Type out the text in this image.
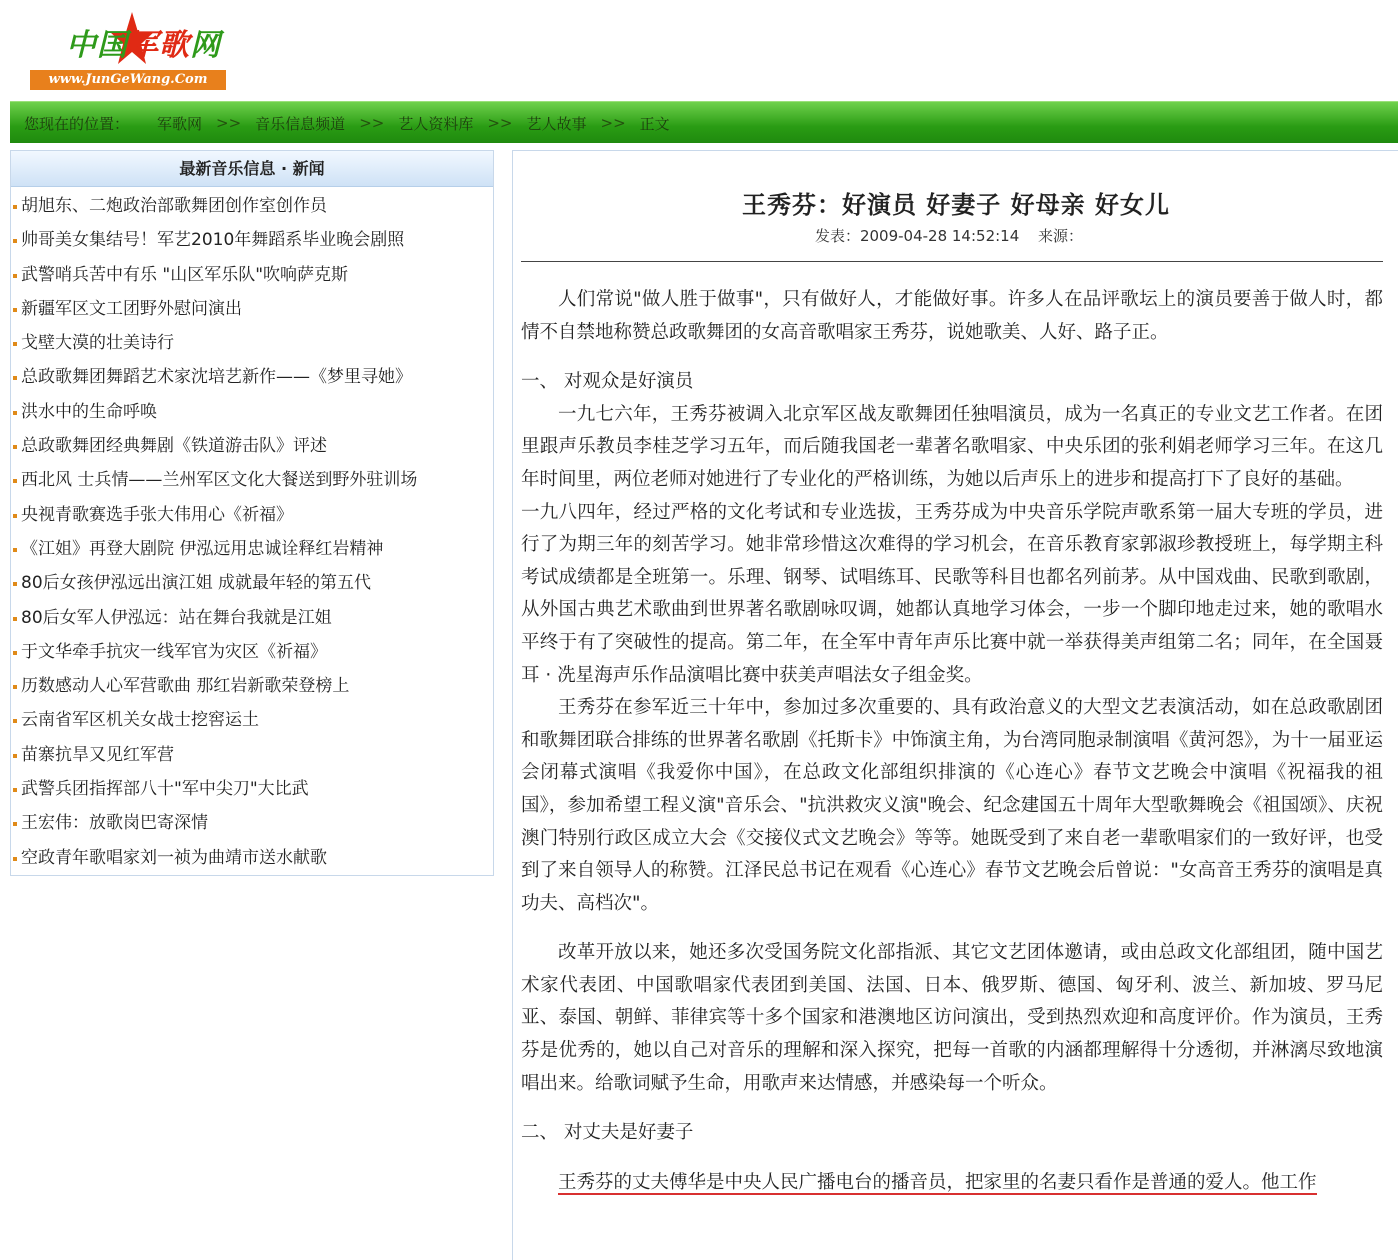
中国军歌网
www.JunGeWang.Com
您现在的位置： 军歌网 >> 音乐信息频道 >> 艺人资料库 >> 艺人故事 >> 正文
最新音乐信息 · 新闻
胡旭东、二炮政治部歌舞团创作室创作员
帅哥美女集结号！军艺2010年舞蹈系毕业晚会剧照
武警哨兵苦中有乐 "山区军乐队"吹响萨克斯
新疆军区文工团野外慰问演出
戈壁大漠的壮美诗行
总政歌舞团舞蹈艺术家沈培艺新作——《梦里寻她》
洪水中的生命呼唤
总政歌舞团经典舞剧《铁道游击队》评述
西北风 士兵情——兰州军区文化大餐送到野外驻训场
央视青歌赛选手张大伟用心《祈福》
《江姐》再登大剧院 伊泓远用忠诚诠释红岩精神
80后女孩伊泓远出演江姐 成就最年轻的第五代
80后女军人伊泓远：站在舞台我就是江姐
于文华牵手抗灾一线军官为灾区《祈福》
历数感动人心军营歌曲 那红岩新歌荣登榜上
云南省军区机关女战士挖窖运土
苗寨抗旱又见红军营
武警兵团指挥部八十"军中尖刀"大比武
王宏伟：放歌岗巴寄深情
空政青年歌唱家刘一祯为曲靖市送水献歌
王秀芬：好演员 好妻子 好母亲 好女儿
发表：2009-04-28 14:52:14 来源：

人们常说"做人胜于做事"，只有做好人，才能做好事。许多人在品评歌坛上的演员要善于做人时，都情不自禁地称赞总政歌舞团的女高音歌唱家王秀芬，说她歌美、人好、路子正。

一、 对观众是好演员

一九七六年，王秀芬被调入北京军区战友歌舞团任独唱演员，成为一名真正的专业文艺工作者。在团里跟声乐教员李桂芝学习五年，而后随我国老一辈著名歌唱家、中央乐团的张利娟老师学习三年。在这几年时间里，两位老师对她进行了专业化的严格训练，为她以后声乐上的进步和提高打下了良好的基础。

一九八四年，经过严格的文化考试和专业选拔，王秀芬成为中央音乐学院声歌系第一届大专班的学员，进行了为期三年的刻苦学习。她非常珍惜这次难得的学习机会，在音乐教育家郭淑珍教授班上，每学期主科考试成绩都是全班第一。乐理、钢琴、试唱练耳、民歌等科目也都名列前茅。从中国戏曲、民歌到歌剧，从外国古典艺术歌曲到世界著名歌剧咏叹调，她都认真地学习体会，一步一个脚印地走过来，她的歌唱水平终于有了突破性的提高。第二年，在全军中青年声乐比赛中就一举获得美声组第二名；同年，在全国聂耳 · 冼星海声乐作品演唱比赛中获美声唱法女子组金奖。

王秀芬在参军近三十年中，参加过多次重要的、具有政治意义的大型文艺表演活动，如在总政歌剧团和歌舞团联合排练的世界著名歌剧《托斯卡》中饰演主角，为台湾同胞录制演唱《黄河怨》，为十一届亚运会闭幕式演唱《我爱你中国》，在总政文化部组织排演的《心连心》春节文艺晚会中演唱《祝福我的祖国》，参加希望工程义演"音乐会、"抗洪救灾义演"晚会、纪念建国五十周年大型歌舞晚会《祖国颂》、庆祝澳门特别行政区成立大会《交接仪式文艺晚会》等等。她既受到了来自老一辈歌唱家们的一致好评，也受到了来自领导人的称赞。江泽民总书记在观看《心连心》春节文艺晚会后曾说："女高音王秀芬的演唱是真功夫、高档次"。

改革开放以来，她还多次受国务院文化部指派、其它文艺团体邀请，或由总政文化部组团，随中国艺术家代表团、中国歌唱家代表团到美国、法国、日本、俄罗斯、德国、匈牙利、波兰、新加坡、罗马尼亚、泰国、朝鲜、菲律宾等十多个国家和港澳地区访问演出，受到热烈欢迎和高度评价。作为演员，王秀芬是优秀的，她以自己对音乐的理解和深入探究，把每一首歌的内涵都理解得十分透彻，并淋漓尽致地演唱出来。给歌词赋予生命，用歌声来达情感，并感染每一个听众。

二、 对丈夫是好妻子

王秀芬的丈夫傅华是中央人民广播电台的播音员，把家里的名妻只看作是普通的爱人。他工作
